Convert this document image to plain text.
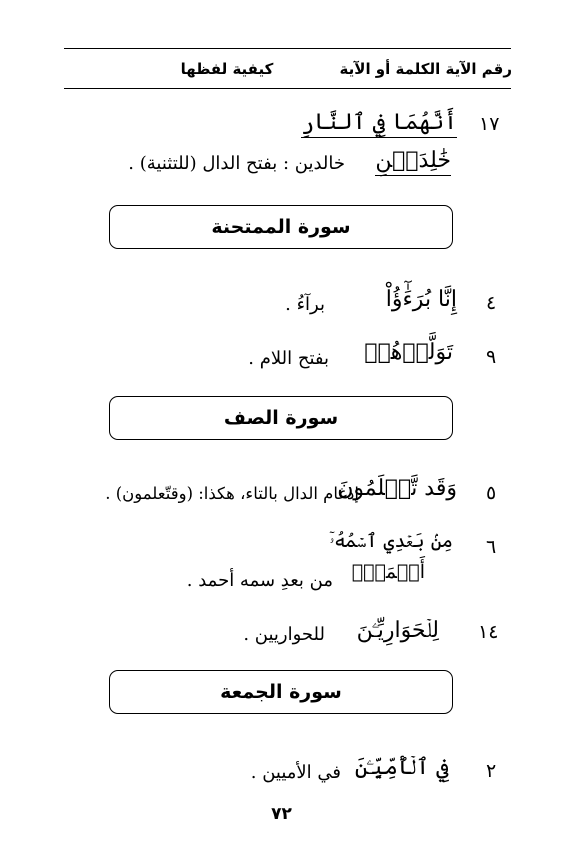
رقم الآية الكلمة أو الآية
كيفية لفظها
١٧
أَنَّهُمَا فِي ٱلنَّارِ
خَٰلِدَيۡنِ
خالدين : بفتح الدال (للتثنية) .
سورة الممتحنة
٤
إِنَّا بُرَءَٰٓؤُاْ
برآءُ .
٩
تَوَلَّوۡهُمۡ
بفتح اللام .
سورة الصف
٥
وَقَد تَّعۡلَمُونَ
إدغام الدال بالتاء، هكذا: (وقتّعلمون) .
٦
مِنۢ بَعۡدِي ٱسۡمُهُۥٓ
أَحۡمَدُۖ
من بعدِ سمه أحمد .
١٤
لِلۡحَوَارِيِّـۧنَ
للحواريين .
سورة الجمعة
٢
فِي ٱلۡأُمِّيِّـۧنَ
في الأميين .
٧٢
